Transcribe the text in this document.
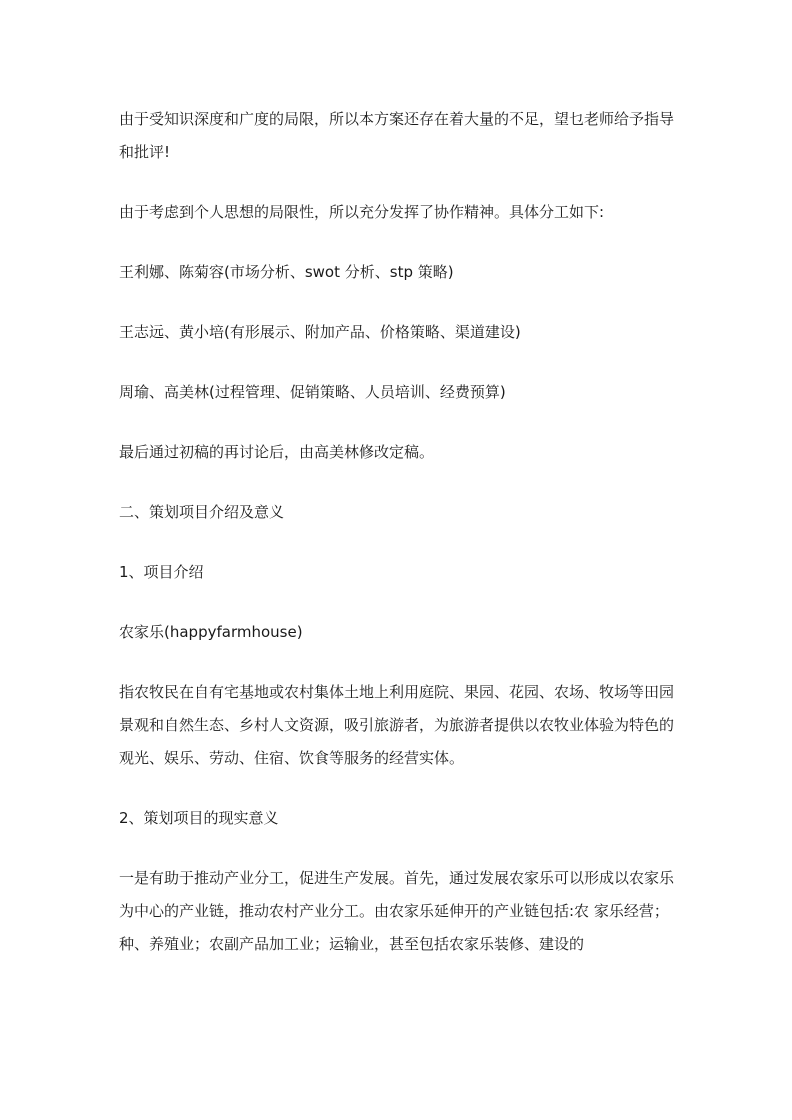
由于受知识深度和广度的局限，所以本方案还存在着大量的不足，望乜老师给予指导和批评!

由于考虑到个人思想的局限性，所以充分发挥了协作精神。具体分工如下:

王利娜、陈菊容(市场分析、swot 分析、stp 策略)

王志远、黄小培(有形展示、附加产品、价格策略、渠道建设)

周瑜、高美林(过程管理、促销策略、人员培训、经费预算)

最后通过初稿的再讨论后，由高美林修改定稿。

二、策划项目介绍及意义

1、项目介绍

农家乐(happyfarmhouse)

指农牧民在自有宅基地或农村集体土地上利用庭院、果园、花园、农场、牧场等田园景观和自然生态、乡村人文资源，吸引旅游者，为旅游者提供以农牧业体验为特色的观光、娱乐、劳动、住宿、饮食等服务的经营实体。

2、策划项目的现实意义

一是有助于推动产业分工，促进生产发展。首先，通过发展农家乐可以形成以农家乐为中心的产业链，推动农村产业分工。由农家乐延伸开的产业链包括:农 家乐经营；种、养殖业；农副产品加工业；运输业，甚至包括农家乐装修、建设的
